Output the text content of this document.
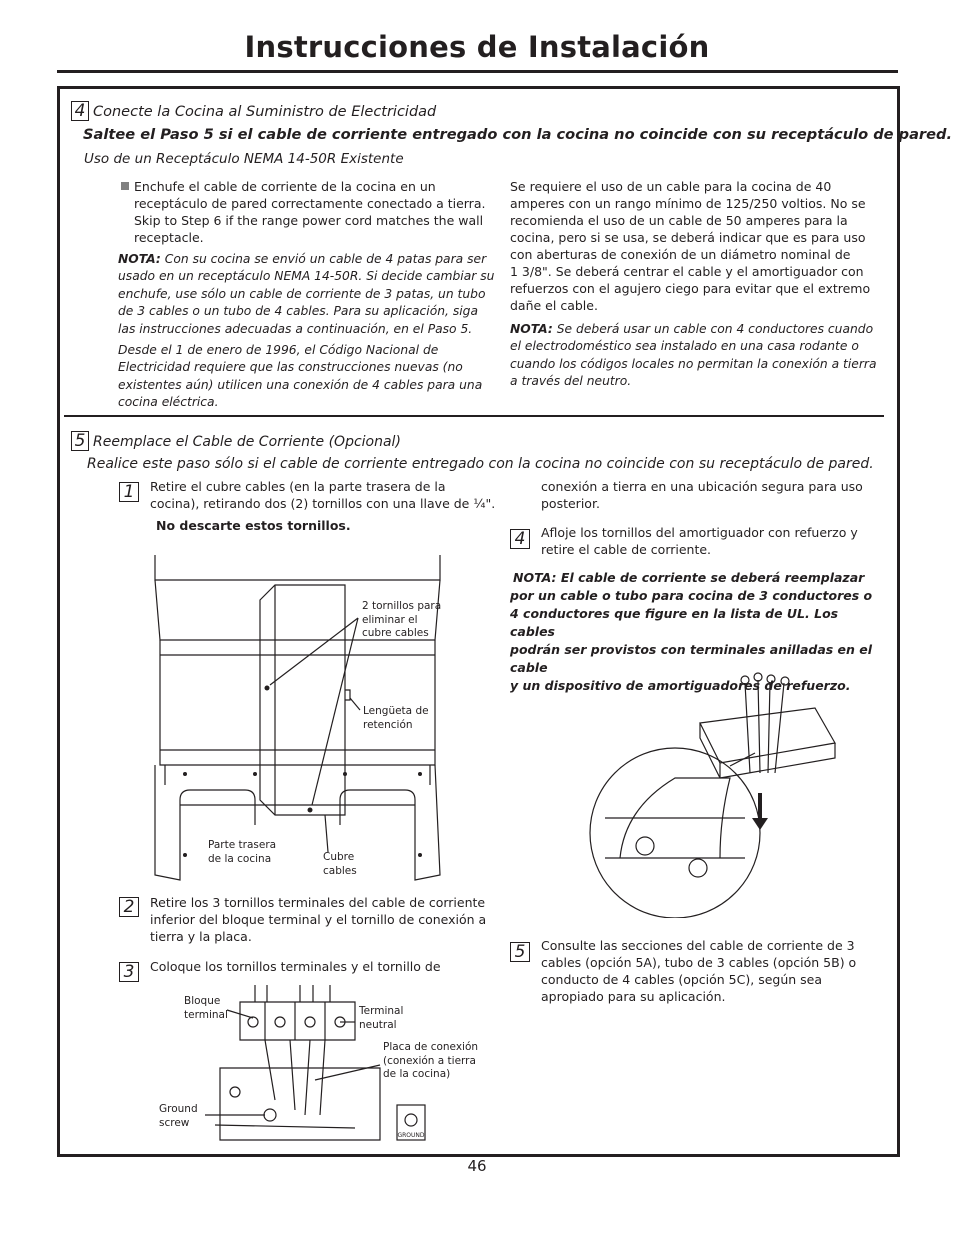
Instrucciones de Instalación
4 Conecte la Cocina al Suministro de Electricidad
Saltee el Paso 5 si el cable de corriente entregado con la cocina no coincide con su receptáculo de pared.
Uso de un Receptáculo NEMA 14-50R Existente
Enchufe el cable de corriente de la cocina en un
receptáculo de pared correctamente conectado a tierra.
Skip to Step 6 if the range power cord matches the wall
receptacle.
NOTA: Con su cocina se envió un cable de 4 patas para ser
usado en un receptáculo NEMA 14-50R. Si decide cambiar su
enchufe, use sólo un cable de corriente de 3 patas, un tubo
de 3 cables o un tubo de 4 cables. Para su aplicación, siga
las instrucciones adecuadas a continuación, en el Paso 5.
Desde el 1 de enero de 1996, el Código Nacional de
Electricidad requiere que las construcciones nuevas (no
existentes aún) utilicen una conexión de 4 cables para una
cocina eléctrica.
Se requiere el uso de un cable para la cocina de 40
amperes con un rango mínimo de 125/250 voltios. No se
recomienda el uso de un cable de 50 amperes para la
cocina, pero si se usa, se deberá indicar que es para uso
con aberturas de conexión de un diámetro nominal de
1 3/8". Se deberá centrar el cable y el amortiguador con
refuerzos con el agujero ciego para evitar que el extremo
dañe el cable.
NOTA: Se deberá usar un cable con 4 conductores cuando
el electrodoméstico sea instalado en una casa rodante o
cuando los códigos locales no permitan la conexión a tierra
a través del neutro.
5 Reemplace el Cable de Corriente (Opcional)
Realice este paso sólo si el cable de corriente entregado con la cocina no coincide con su receptáculo de pared.
1	Retire el cubre cables (en la parte trasera de la
cocina), retirando dos (2) tornillos con una llave de ¼".
No descarte estos tornillos.
2 tornillos para
eliminar el
cubre cables
Lengüeta de
retención
Parte trasera
de la cocina	Cubre
cables
2	Retire los 3 tornillos terminales del cable de corriente
inferior del bloque terminal y el tornillo de conexión a
tierra y la placa.
3	Coloque los tornillos terminales y el tornillo de
GROUND
Bloque
terminal	Terminal
neutral
Placa de conexión
(conexión a tierra
de la cocina)
Ground
screw
conexión a tierra en una ubicación segura para uso
posterior.
4	Afloje los tornillos del amortiguador con refuerzo y
retire el cable de corriente.
NOTA: El cable de corriente se deberá reemplazar
por un cable o tubo para cocina de 3 conductores o
4 conductores que figure en la lista de UL. Los cables
podrán ser provistos con terminales anilladas en el cable
y un dispositivo de amortiguadores de refuerzo.
5	Consulte las secciones del cable de corriente de 3
cables (opción 5A), tubo de 3 cables (opción 5B) o
conducto de 4 cables (opción 5C), según sea
apropiado para su aplicación.
46
